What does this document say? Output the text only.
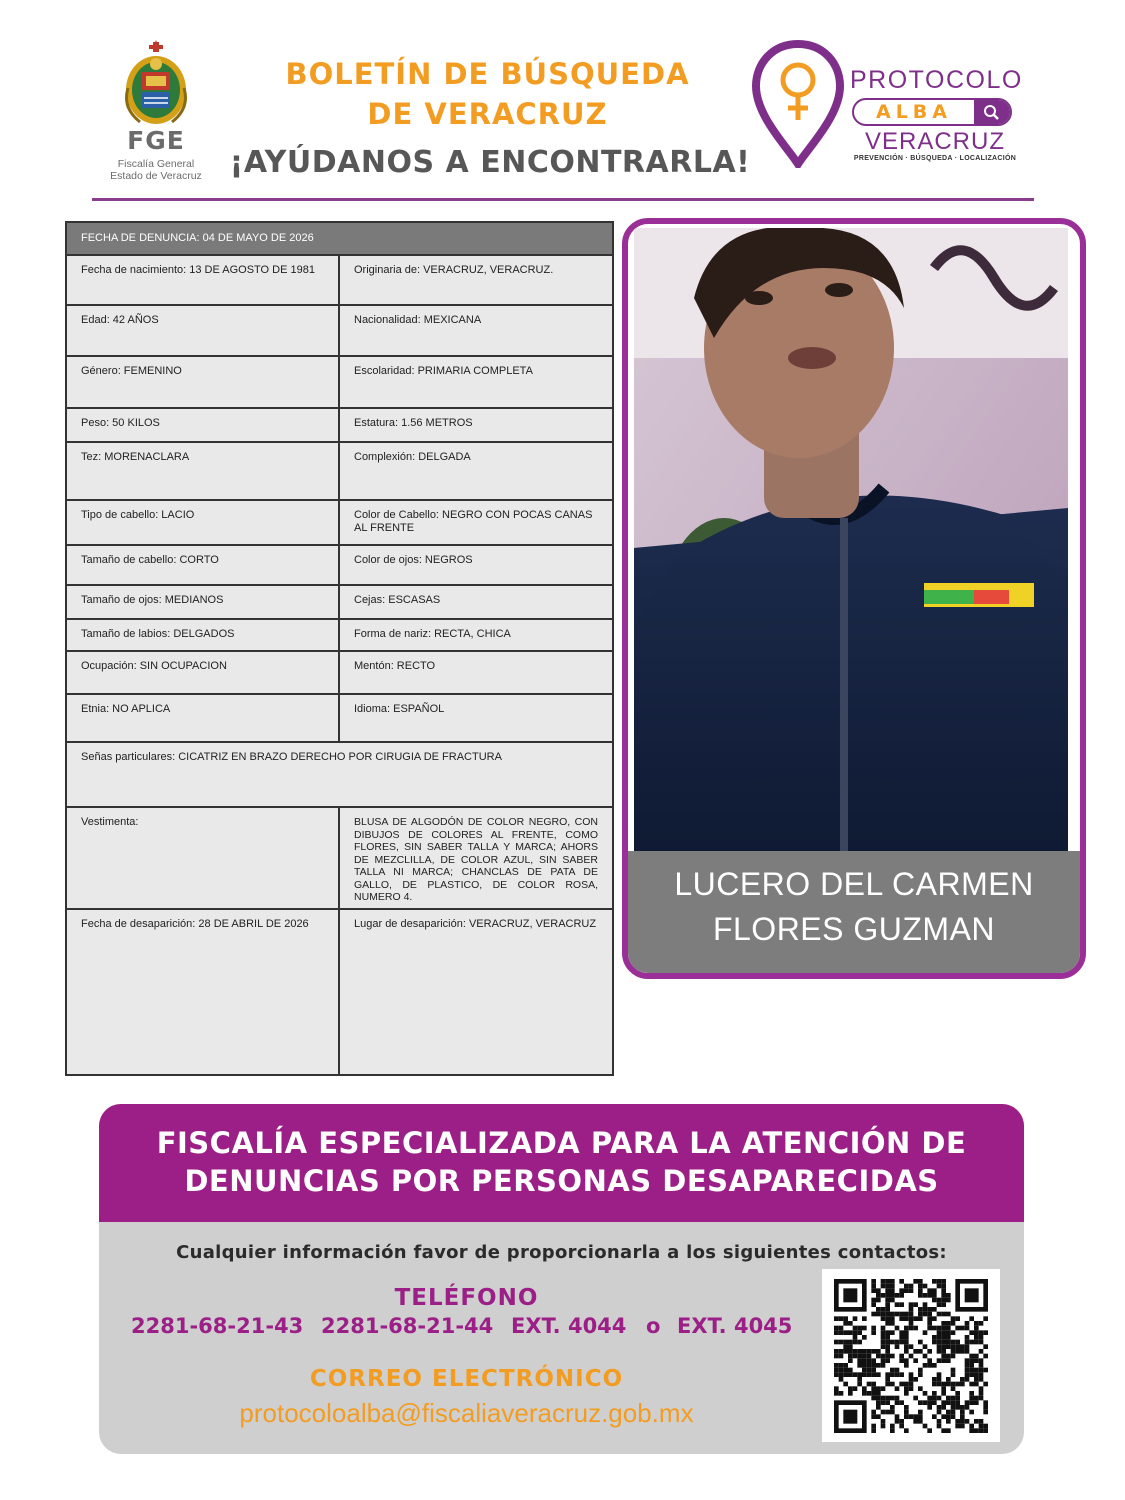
FGE
Fiscalía General
Estado de Veracruz
BOLETÍN DE BÚSQUEDA
DE VERACRUZ
¡AYÚDANOS A ENCONTRARLA!
PROTOCOLO
ALBA
VERACRUZ
PREVENCIÓN · BÚSQUEDA · LOCALIZACIÓN
FECHA DE DENUNCIA: 04 DE MAYO DE 2026	
Fecha de nacimiento: 13 DE AGOSTO DE 1981	Originaria de: VERACRUZ, VERACRUZ.
Edad: 42 AÑOS	Nacionalidad: MEXICANA
Género: FEMENINO	Escolaridad: PRIMARIA COMPLETA
Peso: 50 KILOS	Estatura: 1.56 METROS
Tez: MORENACLARA	Complexión: DELGADA
Tipo de cabello: LACIO	Color de Cabello: NEGRO CON POCAS CANAS AL FRENTE
Tamaño de cabello: CORTO	Color de ojos: NEGROS
Tamaño de ojos: MEDIANOS	Cejas: ESCASAS
Tamaño de labios: DELGADOS	Forma de nariz: RECTA, CHICA
Ocupación: SIN OCUPACION	Mentón: RECTO
Etnia: NO APLICA	Idioma: ESPAÑOL
Señas particulares: CICATRIZ EN BRAZO DERECHO POR CIRUGIA DE FRACTURA	
Vestimenta:	BLUSA DE ALGODÓN DE COLOR NEGRO, CON DIBUJOS DE COLORES AL FRENTE, COMO FLORES, SIN SABER TALLA Y MARCA; AHORS DE MEZCLILLA, DE COLOR AZUL, SIN SABER TALLA NI MARCA; CHANCLAS DE PATA DE GALLO, DE PLASTICO, DE COLOR ROSA, NUMERO 4.
Fecha de desaparición: 28 DE ABRIL DE 2026	Lugar de desaparición: VERACRUZ, VERACRUZ
LUCERO DEL CARMEN
FLORES GUZMAN
FISCALÍA ESPECIALIZADA PARA LA ATENCIÓN DE
DENUNCIAS POR PERSONAS DESAPARECIDAS
Cualquier información favor de proporcionarla a los siguientes contactos:
TELÉFONO
2281-68-21-43 2281-68-21-44 EXT. 4044 o EXT. 4045
CORREO ELECTRÓNICO
protocoloalba@fiscaliaveracruz.gob.mx
